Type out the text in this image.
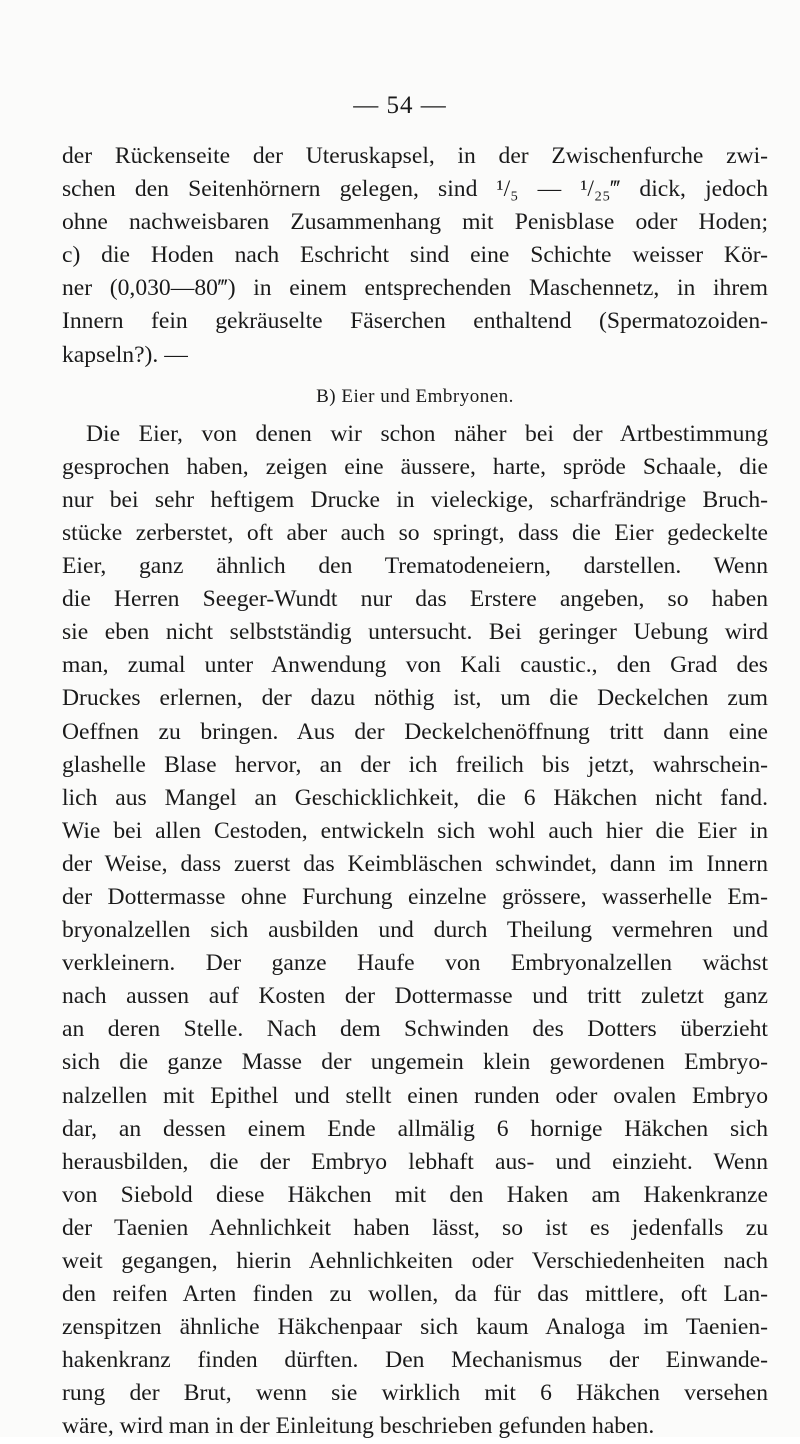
— 54 —
der Rückenseite der Uteruskapsel, in der Zwischenfurche zwi-
schen den Seitenhörnern gelegen, sind ¹/₅ — ¹/₂₅‴ dick, jedoch
ohne nachweisbaren Zusammenhang mit Penisblase oder Hoden;
c) die Hoden nach Eschricht sind eine Schichte weisser Kör-
ner (0,030—80‴) in einem entsprechenden Maschennetz, in ihrem
Innern fein gekräuselte Fäserchen enthaltend (Spermatozoiden-
kapseln?). —
B) Eier und Embryonen.
Die Eier, von denen wir schon näher bei der Artbestimmung
gesprochen haben, zeigen eine äussere, harte, spröde Schaale, die
nur bei sehr heftigem Drucke in vieleckige, scharfrändrige Bruch-
stücke zerberstet, oft aber auch so springt, dass die Eier gedeckelte
Eier, ganz ähnlich den Trematodeneiern, darstellen. Wenn
die Herren Seeger-Wundt nur das Erstere angeben, so haben
sie eben nicht selbstständig untersucht. Bei geringer Uebung wird
man, zumal unter Anwendung von Kali caustic., den Grad des
Druckes erlernen, der dazu nöthig ist, um die Deckelchen zum
Oeffnen zu bringen. Aus der Deckelchenöffnung tritt dann eine
glashelle Blase hervor, an der ich freilich bis jetzt, wahrschein-
lich aus Mangel an Geschicklichkeit, die 6 Häkchen nicht fand.
Wie bei allen Cestoden, entwickeln sich wohl auch hier die Eier in
der Weise, dass zuerst das Keimbläschen schwindet, dann im Innern
der Dottermasse ohne Furchung einzelne grössere, wasserhelle Em-
bryonalzellen sich ausbilden und durch Theilung vermehren und
verkleinern. Der ganze Haufe von Embryonalzellen wächst
nach aussen auf Kosten der Dottermasse und tritt zuletzt ganz
an deren Stelle. Nach dem Schwinden des Dotters überzieht
sich die ganze Masse der ungemein klein gewordenen Embryo-
nalzellen mit Epithel und stellt einen runden oder ovalen Embryo
dar, an dessen einem Ende allmälig 6 hornige Häkchen sich
herausbilden, die der Embryo lebhaft aus- und einzieht. Wenn
von Siebold diese Häkchen mit den Haken am Hakenkranze
der Taenien Aehnlichkeit haben lässt, so ist es jedenfalls zu
weit gegangen, hierin Aehnlichkeiten oder Verschiedenheiten nach
den reifen Arten finden zu wollen, da für das mittlere, oft Lan-
zenspitzen ähnliche Häkchenpaar sich kaum Analoga im Taenien-
hakenkranz finden dürften. Den Mechanismus der Einwande-
rung der Brut, wenn sie wirklich mit 6 Häkchen versehen
wäre, wird man in der Einleitung beschrieben gefunden haben.
